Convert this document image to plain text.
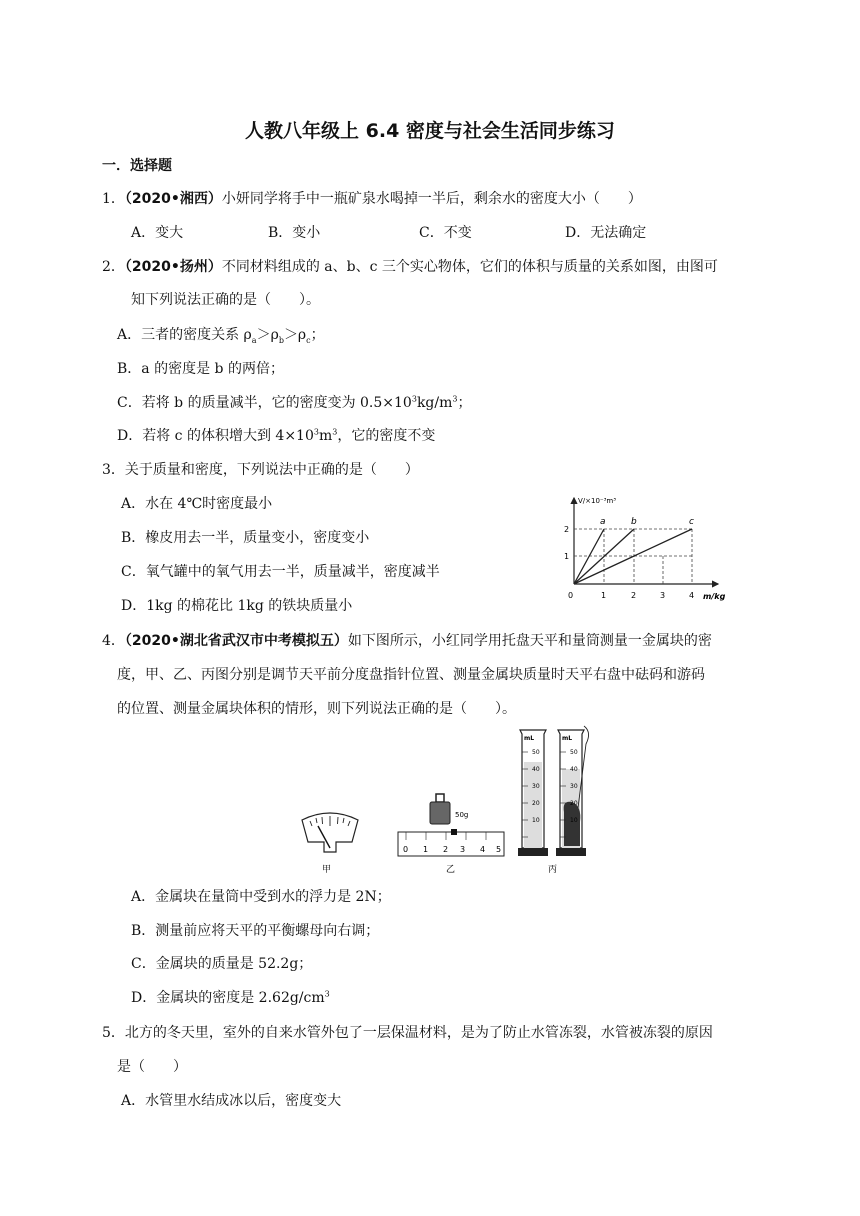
人教八年级上 6.4 密度与社会生活同步练习
一．选择题
1．（2020•湘西）小妍同学将手中一瓶矿泉水喝掉一半后，剩余水的密度大小（　　）
A．变大	B．变小	C．不变	D．无法确定
2．（2020•扬州）不同材料组成的 a、b、c 三个实心物体，它们的体积与质量的关系如图，由图可
知下列说法正确的是（　　）。
A．三者的密度关系 $\rho_a>\rho_b>\rho_c$；
B．a 的密度是 b 的两倍；
C．若将 b 的质量减半，它的密度变为 $0.5\times 10^3kg/m^3$；
D．若将 c 的体积增大到 $4\times 10^3m^3$，它的密度不变
3．关于质量和密度，下列说法中正确的是（　　）
A．水在 4℃时密度最小
B．橡皮用去一半，质量变小，密度变小
C．氧气罐中的氧气用去一半，质量减半，密度减半
D．1kg 的棉花比 1kg 的铁块质量小
V/×10⁻³m³
m/kg
a	b	c
1
2
0	1	2	3	4
4．（2020•湖北省武汉市中考模拟五）如下图所示，小红同学用托盘天平和量筒测量一金属块的密
度，甲、乙、丙图分别是调节天平前分度盘指针位置、测量金属块质量时天平右盘中砝码和游码
的位置、测量金属块体积的情形，则下列说法正确的是（　　）。
甲
50g
0 1 2 3 4 5
乙
mL
50
40
30
20
10
mL
50
40
30
20
10
丙
A．金属块在量筒中受到水的浮力是 2N；
B．测量前应将天平的平衡螺母向右调；
C．金属块的质量是 52.2g；
D．金属块的密度是 $2.62g/cm^3$
5．北方的冬天里，室外的自来水管外包了一层保温材料，是为了防止水管冻裂，水管被冻裂的原因
是（　　）
A．水管里水结成冰以后，密度变大
